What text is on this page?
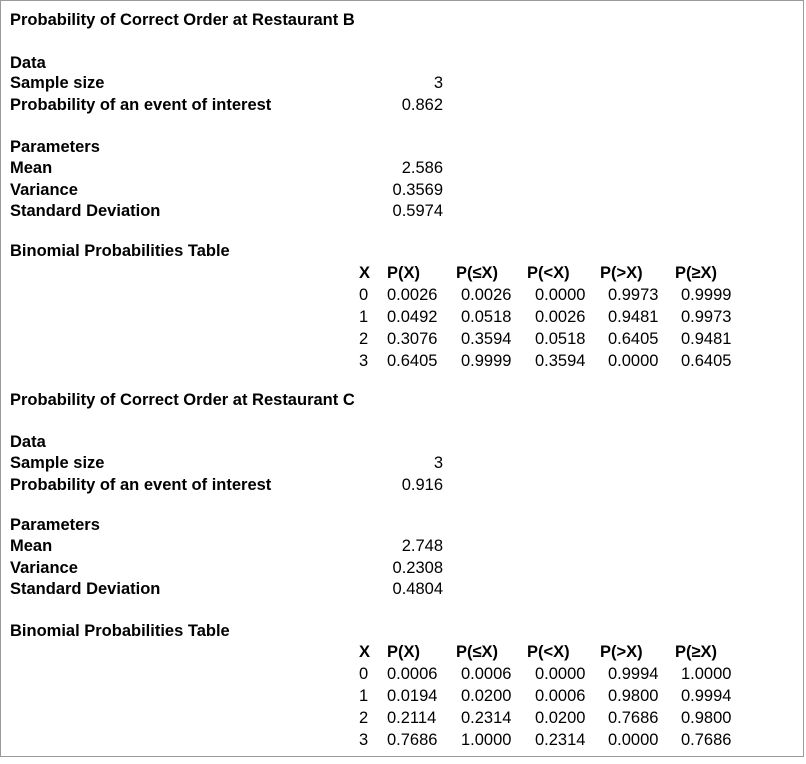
Probability of Correct Order at Restaurant B
Data
Sample size	3
Probability of an event of interest	0.862
Parameters
Mean	2.586
Variance	0.3569
Standard Deviation	0.5974
Binomial Probabilities Table
X P(X) P(≤X) P(<X) P(>X) P(≥X)
0 0.0026 0.0026 0.0000 0.9973 0.9999
1 0.0492 0.0518 0.0026 0.9481 0.9973
2 0.3076 0.3594 0.0518 0.6405 0.9481
3 0.6405 0.9999 0.3594 0.0000 0.6405
Probability of Correct Order at Restaurant C
Data
Sample size	3
Probability of an event of interest	0.916
Parameters
Mean	2.748
Variance	0.2308
Standard Deviation	0.4804
Binomial Probabilities Table
X P(X) P(≤X) P(<X) P(>X) P(≥X)
0 0.0006 0.0006 0.0000 0.9994 1.0000
1 0.0194 0.0200 0.0006 0.9800 0.9994
2 0.2114 0.2314 0.0200 0.7686 0.9800
3 0.7686 1.0000 0.2314 0.0000 0.7686
